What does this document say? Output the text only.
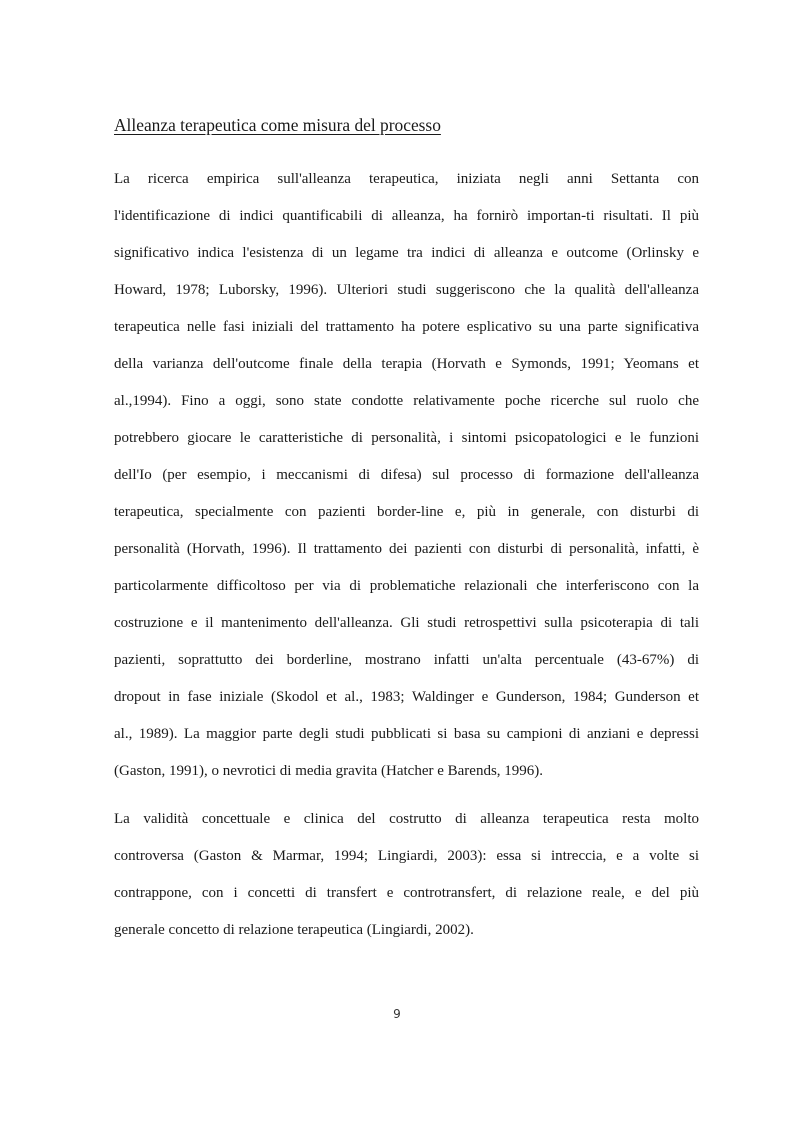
Alleanza terapeutica come misura del processo
La ricerca empirica sull'alleanza terapeutica, iniziata negli anni Settanta con
l'identificazione di indici quantificabili di alleanza, ha fornirò importan-ti risultati. Il più
significativo indica l'esistenza di un legame tra indici di alleanza e outcome (Orlinsky e
Howard, 1978; Luborsky, 1996). Ulteriori studi suggeriscono che la qualità dell'alleanza
terapeutica nelle fasi iniziali del trattamento ha potere esplicativo su una parte significativa
della varianza dell'outcome finale della terapia (Horvath e Symonds, 1991; Yeomans et
al.,1994). Fino a oggi, sono state condotte relativamente poche ricerche sul ruolo che
potrebbero giocare le caratteristiche di personalità, i sintomi psicopatologici e le funzioni
dell'Io (per esempio, i meccanismi di difesa) sul processo di formazione dell'alleanza
terapeutica, specialmente con pazienti border-line e, più in generale, con disturbi di
personalità (Horvath, 1996). Il trattamento dei pazienti con disturbi di personalità, infatti, è
particolarmente difficoltoso per via di problematiche relazionali che interferiscono con la
costruzione e il mantenimento dell'alleanza. Gli studi retrospettivi sulla psicoterapia di tali
pazienti, soprattutto dei borderline, mostrano infatti un'alta percentuale (43-67%) di
dropout in fase iniziale (Skodol et al., 1983; Waldinger e Gunderson, 1984; Gunderson et
al., 1989). La maggior parte degli studi pubblicati si basa su campioni di anziani e depressi
(Gaston, 1991), o nevrotici di media gravita (Hatcher e Barends, 1996).
La validità concettuale e clinica del costrutto di alleanza terapeutica resta molto
controversa (Gaston & Marmar, 1994; Lingiardi, 2003): essa si intreccia, e a volte si
contrappone, con i concetti di transfert e controtransfert, di relazione reale, e del più
generale concetto di relazione terapeutica (Lingiardi, 2002).
9
